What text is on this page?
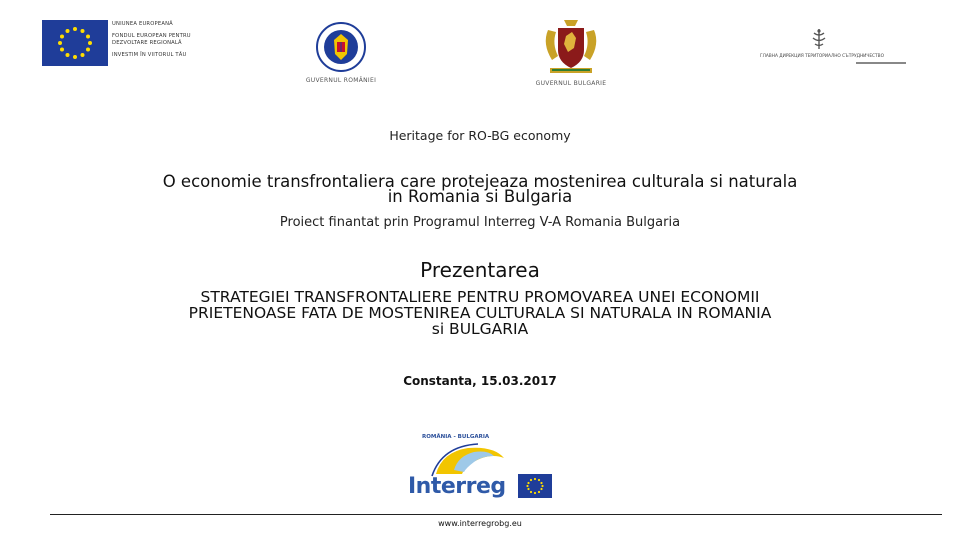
UNIUNEA EUROPEANĂ
FONDUL EUROPEAN PENTRU
DEZVOLTARE REGIONALĂ
INVESTIM ÎN VIITORUL TĂU
GUVERNUL ROMÂNIEI	GUVERNUL BULGARIE
ГЛАВНА ДИРЕКЦИЯ ТЕРИТОРИАЛНО СЪТРУДНИЧЕСТВО
Heritage for RO-BG economy
O economie transfrontaliera care protejeaza mostenirea culturala si naturala
in Romania si Bulgaria
Proiect finantat prin Programul Interreg V-A Romania Bulgaria
Prezentarea
STRATEGIEI TRANSFRONTALIERE PENTRU PROMOVAREA UNEI ECONOMII
PRIETENOASE FATA DE MOSTENIREA CULTURALA SI NATURALA IN ROMANIA
si BULGARIA
Constanta, 15.03.2017
ROMÂNIA - BULGARIA
Interreg
www.interregrobg.eu
